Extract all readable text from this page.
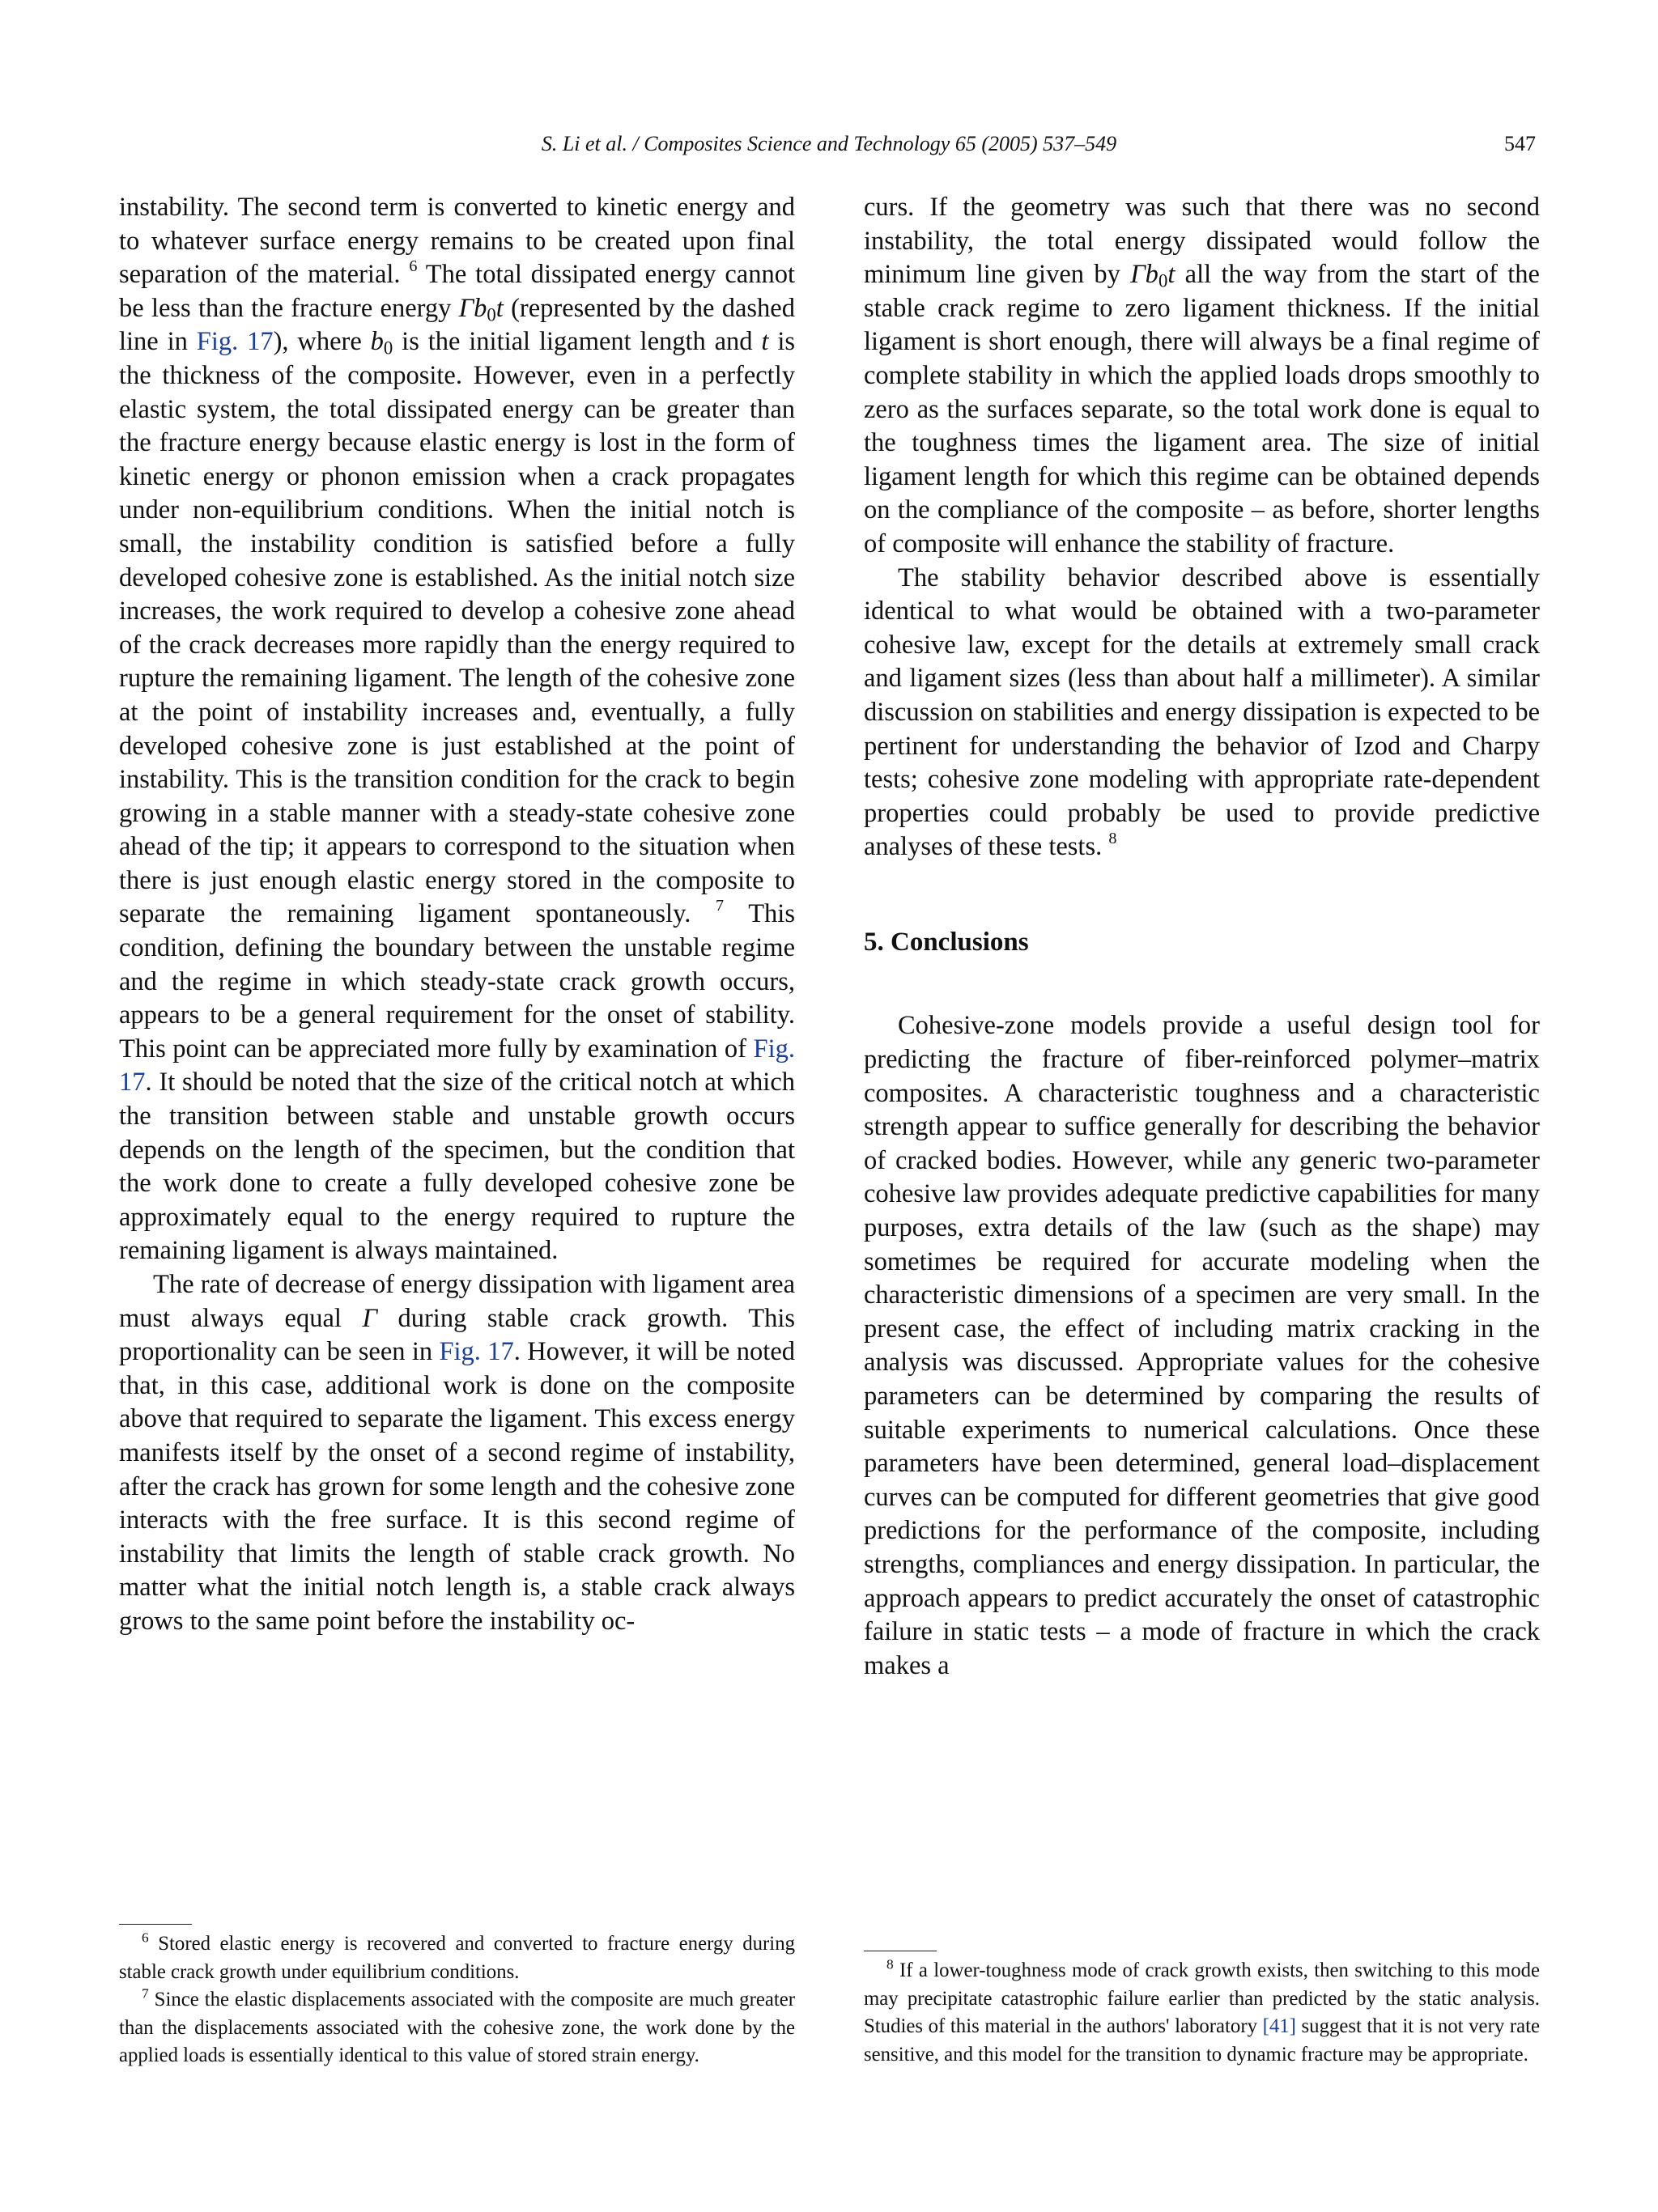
S. Li et al. / Composites Science and Technology 65 (2005) 537–549	547

instability. The second term is converted to kinetic energy and to whatever surface energy remains to be created upon final separation of the material. $^6$ The total dissipated energy cannot be less than the fracture energy $\Gamma b_0t$ (represented by the dashed line in Fig. 17), where $b_0$ is the initial ligament length and t is the thickness of the composite. However, even in a perfectly elastic system, the total dissipated energy can be greater than the fracture energy because elastic energy is lost in the form of kinetic energy or phonon emission when a crack propagates under non-equilibrium conditions. When the initial notch is small, the instability condition is satisfied before a fully developed cohesive zone is established. As the initial notch size increases, the work required to develop a cohesive zone ahead of the crack decreases more rapidly than the energy required to rupture the remaining ligament. The length of the cohesive zone at the point of instability increases and, eventually, a fully developed cohesive zone is just established at the point of instability. This is the transition condition for the crack to begin growing in a stable manner with a steady-state cohesive zone ahead of the tip; it appears to correspond to the situation when there is just enough elastic energy stored in the composite to separate the remaining ligament spontaneously. $^7$ This condition, defining the boundary between the unstable regime and the regime in which steady-state crack growth occurs, appears to be a general requirement for the onset of stability. This point can be appreciated more fully by examination of Fig. 17. It should be noted that the size of the critical notch at which the transition between stable and unstable growth occurs depends on the length of the specimen, but the condition that the work done to create a fully developed cohesive zone be approximately equal to the energy required to rupture the remaining ligament is always maintained.

The rate of decrease of energy dissipation with ligament area must always equal Γ during stable crack growth. This proportionality can be seen in Fig. 17. However, it will be noted that, in this case, additional work is done on the composite above that required to separate the ligament. This excess energy manifests itself by the onset of a second regime of instability, after the crack has grown for some length and the cohesive zone interacts with the free surface. It is this second regime of instability that limits the length of stable crack growth. No matter what the initial notch length is, a stable crack always grows to the same point before the instability oc-

curs. If the geometry was such that there was no second instability, the total energy dissipated would follow the minimum line given by $\Gamma b_0t$ all the way from the start of the stable crack regime to zero ligament thickness. If the initial ligament is short enough, there will always be a final regime of complete stability in which the applied loads drops smoothly to zero as the surfaces separate, so the total work done is equal to the toughness times the ligament area. The size of initial ligament length for which this regime can be obtained depends on the compliance of the composite – as before, shorter lengths of composite will enhance the stability of fracture.

The stability behavior described above is essentially identical to what would be obtained with a two-parameter cohesive law, except for the details at extremely small crack and ligament sizes (less than about half a millimeter). A similar discussion on stabilities and energy dissipation is expected to be pertinent for understanding the behavior of Izod and Charpy tests; cohesive zone modeling with appropriate rate-dependent properties could probably be used to provide predictive analyses of these tests. $^8$

5. Conclusions

Cohesive-zone models provide a useful design tool for predicting the fracture of fiber-reinforced polymer–matrix composites. A characteristic toughness and a characteristic strength appear to suffice generally for describing the behavior of cracked bodies. However, while any generic two-parameter cohesive law provides adequate predictive capabilities for many purposes, extra details of the law (such as the shape) may sometimes be required for accurate modeling when the characteristic dimensions of a specimen are very small. In the present case, the effect of including matrix cracking in the analysis was discussed. Appropriate values for the cohesive parameters can be determined by comparing the results of suitable experiments to numerical calculations. Once these parameters have been determined, general load–displacement curves can be computed for different geometries that give good predictions for the performance of the composite, including strengths, compliances and energy dissipation. In particular, the approach appears to predict accurately the onset of catastrophic failure in static tests – a mode of fracture in which the crack makes a

$^6$ Stored elastic energy is recovered and converted to fracture energy during stable crack growth under equilibrium conditions.

$^7$ Since the elastic displacements associated with the composite are much greater than the displacements associated with the cohesive zone, the work done by the applied loads is essentially identical to this value of stored strain energy.

$^8$ If a lower-toughness mode of crack growth exists, then switching to this mode may precipitate catastrophic failure earlier than predicted by the static analysis. Studies of this material in the authors' laboratory [41] suggest that it is not very rate sensitive, and this model for the transition to dynamic fracture may be appropriate.
